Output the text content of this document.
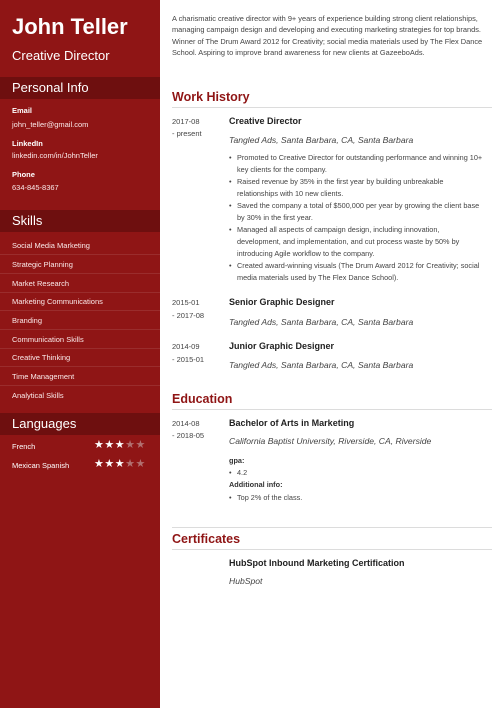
John Teller
Creative Director
Personal Info
Email
john_teller@gmail.com
LinkedIn
linkedin.com/in/JohnTeller
Phone
634-845-8367
Skills
Social Media Marketing
Strategic Planning
Market Research
Marketing Communications
Branding
Communication Skills
Creative Thinking
Time Management
Analytical Skills
Languages
French	★★★★★
Mexican Spanish ★★★★★
A charismatic creative director with 9+ years of experience building strong client relationships, managing campaign design and developing and executing marketing strategies for top brands. Winner of The Drum Award 2012 for Creativity; social media materials used by The Flex Dance School. Aspiring to improve brand awareness for new clients at GazeeboAds.
Work History
2017-08
- present
Creative Director
Tangled Ads, Santa Barbara, CA, Santa Barbara
• Promoted to Creative Director for outstanding performance and winning 10+ key clients for the company.
• Raised revenue by 35% in the first year by building unbreakable relationships with 10 new clients.
• Saved the company a total of $500,000 per year by growing the client base by 30% in the first year.
• Managed all aspects of campaign design, including innovation, development, and implementation, and cut process waste by 50% by introducing Agile workflow to the company.
• Created award-winning visuals (The Drum Award 2012 for Creativity; social media materials used by The Flex Dance School).
2015-01
- 2017-08
Senior Graphic Designer
Tangled Ads, Santa Barbara, CA, Santa Barbara
2014-09
- 2015-01
Junior Graphic Designer
Tangled Ads, Santa Barbara, CA, Santa Barbara
Education
2014-08
- 2018-05
Bachelor of Arts in Marketing
California Baptist University, Riverside, CA, Riverside
gpa:
• 4.2
Additional info:
• Top 2% of the class.
Certificates
HubSpot Inbound Marketing Certification
HubSpot
